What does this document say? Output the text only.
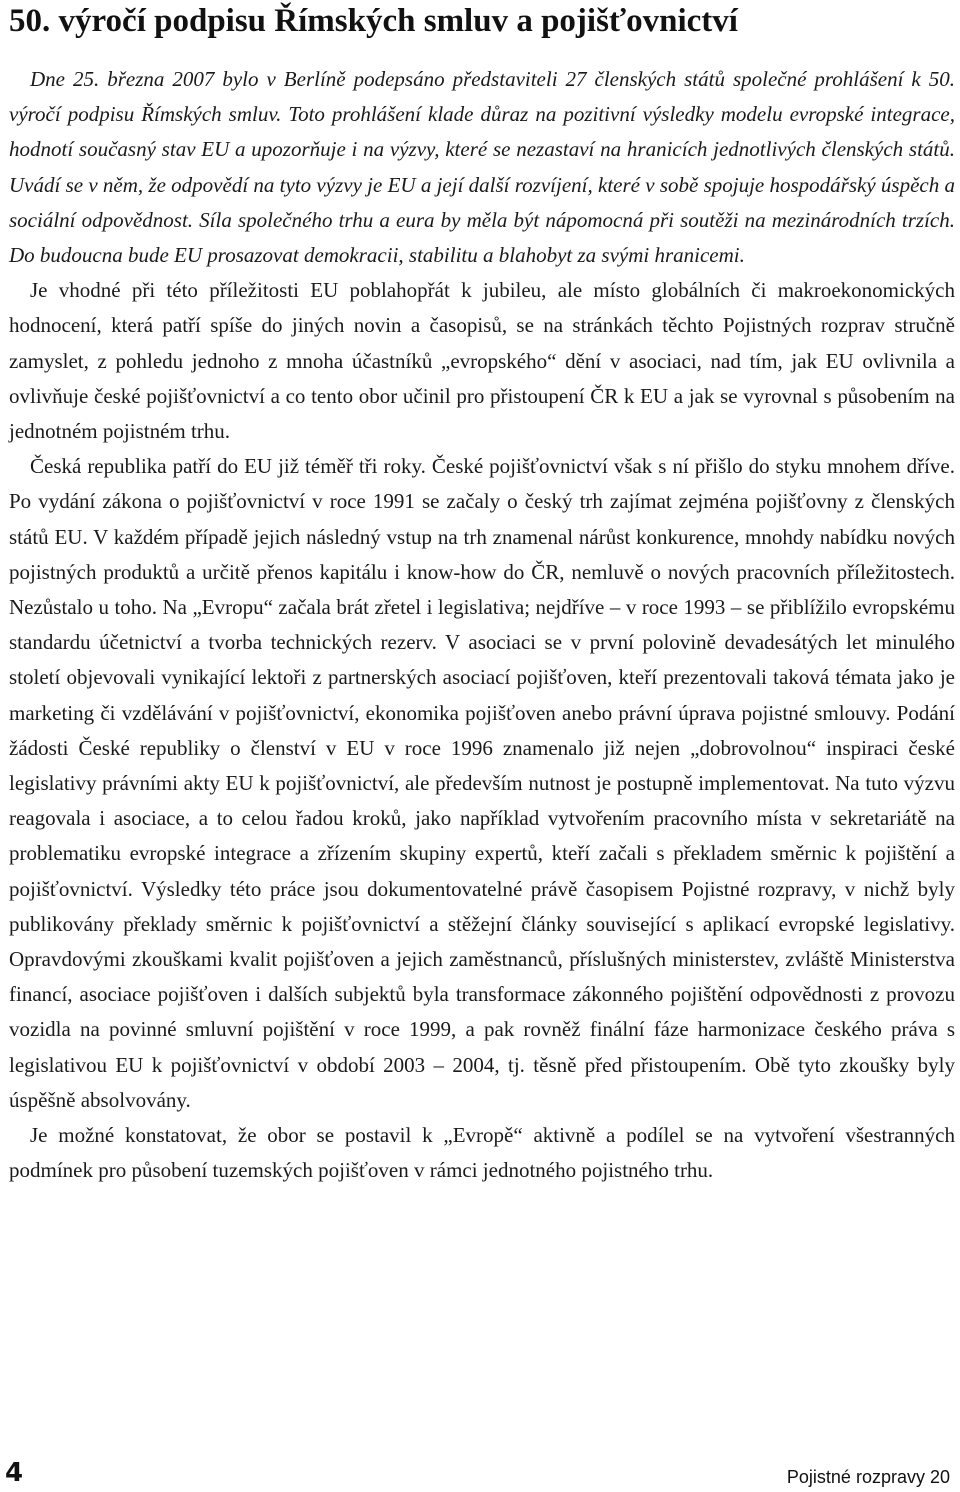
50. výročí podpisu Římských smluv a pojišťovnictví

Dne 25. března 2007 bylo v Berlíně podepsáno představiteli 27 členských států společné prohlášení k 50. výročí podpisu Římských smluv. Toto prohlášení klade důraz na pozitivní výsledky modelu evropské integrace, hodnotí současný stav EU a upozorňuje i na výzvy, které se nezastaví na hranicích jednotlivých členských států. Uvádí se v něm, že odpovědí na tyto výzvy je EU a její další rozvíjení, které v sobě spojuje hospodářský úspěch a sociální odpovědnost. Síla společného trhu a eura by měla být nápomocná při soutěži na mezinárodních trzích. Do budoucna bude EU prosazovat demokracii, stabilitu a blahobyt za svými hranicemi.

Je vhodné při této příležitosti EU poblahopřát k jubileu, ale místo globálních či makroekonomických hodnocení, která patří spíše do jiných novin a časopisů, se na stránkách těchto Pojistných rozprav stručně zamyslet, z pohledu jednoho z mnoha účastníků „evropského“ dění v asociaci, nad tím, jak EU ovlivnila a ovlivňuje české pojišťovnictví a co tento obor učinil pro přistoupení ČR k EU a jak se vyrovnal s působením na jednotném pojistném trhu.

Česká republika patří do EU již téměř tři roky. České pojišťovnictví však s ní přišlo do styku mnohem dříve. Po vydání zákona o pojišťovnictví v roce 1991 se začaly o český trh zajímat zejména pojišťovny z členských států EU. V každém případě jejich následný vstup na trh znamenal nárůst konkurence, mnohdy nabídku nových pojistných produktů a určitě přenos kapitálu i know-how do ČR, nemluvě o nových pracovních příležitostech. Nezůstalo u toho. Na „Evropu“ začala brát zřetel i legislativa; nejdříve – v roce 1993 – se přiblížilo evropskému standardu účetnictví a tvorba technických rezerv. V asociaci se v první polovině devadesátých let minulého století objevovali vynikající lektoři z partnerských asociací pojišťoven, kteří prezentovali taková témata jako je marketing či vzdělávání v pojišťovnictví, ekonomika pojišťoven anebo právní úprava pojistné smlouvy. Podání žádosti České republiky o členství v EU v roce 1996 znamenalo již nejen „dobrovolnou“ inspiraci české legislativy právními akty EU k pojišťovnictví, ale především nutnost je postupně implementovat. Na tuto výzvu reagovala i asociace, a to celou řadou kroků, jako například vytvořením pracovního místa v sekretariátě na problematiku evropské integrace a zřízením skupiny expertů, kteří začali s překladem směrnic k pojištění a pojišťovnictví. Výsledky této práce jsou dokumentovatelné právě časopisem Pojistné rozpravy, v nichž byly publikovány překlady směrnic k pojišťovnictví a stěžejní články související s aplikací evropské legislativy. Opravdovými zkouškami kvalit pojišťoven a jejich zaměstnanců, příslušných ministerstev, zvláště Ministerstva financí, asociace pojišťoven i dalších subjektů byla transformace zákonného pojištění odpovědnosti z provozu vozidla na povinné smluvní pojištění v roce 1999, a pak rovněž finální fáze harmonizace českého práva s legislativou EU k pojišťovnictví v období 2003 – 2004, tj. těsně před přistoupením. Obě tyto zkoušky byly úspěšně absolvovány.

Je možné konstatovat, že obor se postavil k „Evropě“ aktivně a podílel se na vytvoření všestranných podmínek pro působení tuzemských pojišťoven v rámci jednotného pojistného trhu.

4	Pojistné rozpravy 20
